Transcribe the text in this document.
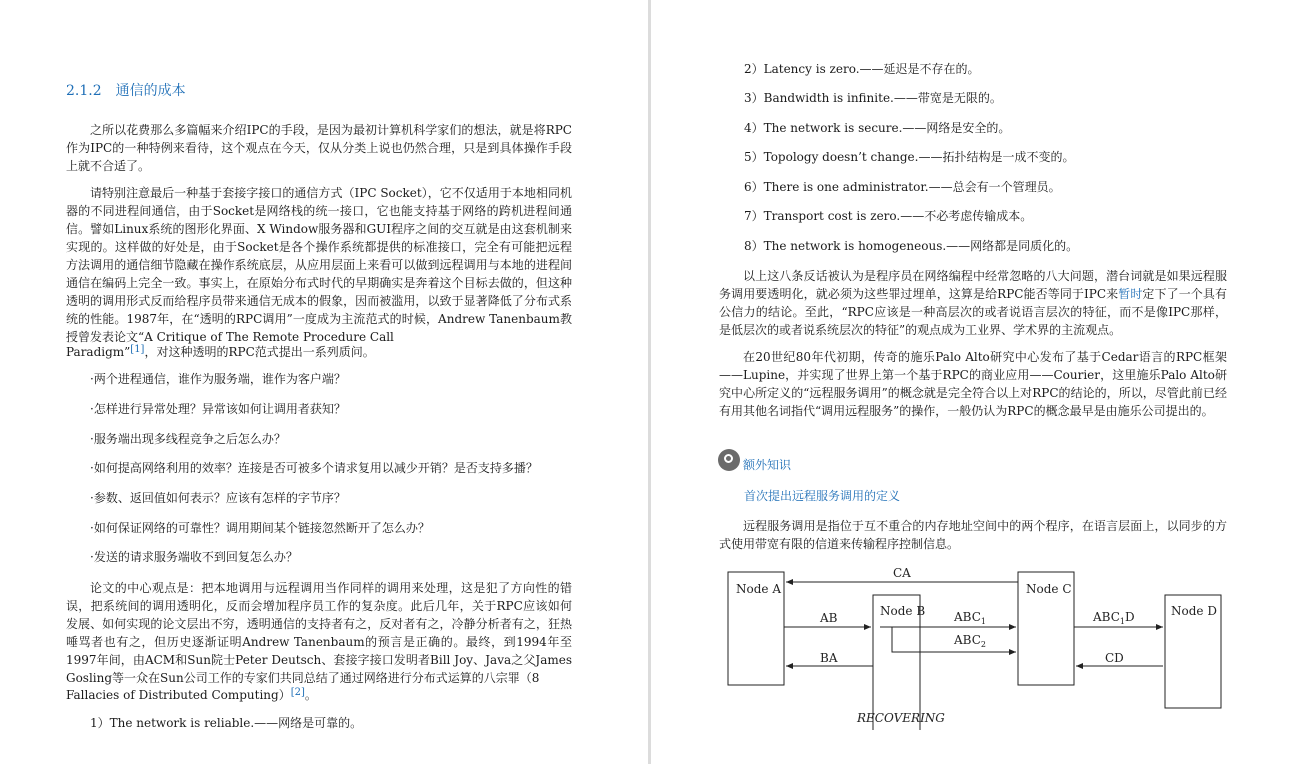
2.1.2 通信的成本

之所以花费那么多篇幅来介绍IPC的手段，是因为最初计算机科学家们的想法，就是将RPC作为IPC的一种特例来看待，这个观点在今天，仅从分类上说也仍然合理，只是到具体操作手段上就不合适了。

请特别注意最后一种基于套接字接口的通信方式（IPC Socket），它不仅适用于本地相同机器的不同进程间通信，由于Socket是网络栈的统一接口，它也能支持基于网络的跨机进程间通信。譬如Linux系统的图形化界面、X Window服务器和GUI程序之间的交互就是由这套机制来实现的。这样做的好处是，由于Socket是各个操作系统都提供的标准接口，完全有可能把远程方法调用的通信细节隐藏在操作系统底层，从应用层面上来看可以做到远程调用与本地的进程间通信在编码上完全一致。事实上，在原始分布式时代的早期确实是奔着这个目标去做的，但这种透明的调用形式反而给程序员带来通信无成本的假象，因而被滥用，以致于显著降低了分布式系统的性能。1987年，在“透明的RPC调用”一度成为主流范式的时候，Andrew Tanenbaum教授曾发表论文“A Critique of The Remote Procedure Call

Paradigm”[1]，对这种透明的RPC范式提出一系列质问。

·两个进程通信，谁作为服务端，谁作为客户端？

·怎样进行异常处理？异常该如何让调用者获知？

·服务端出现多线程竞争之后怎么办？

·如何提高网络利用的效率？连接是否可被多个请求复用以减少开销？是否支持多播？

·参数、返回值如何表示？应该有怎样的字节序？

·如何保证网络的可靠性？调用期间某个链接忽然断开了怎么办？

·发送的请求服务端收不到回复怎么办？

论文的中心观点是：把本地调用与远程调用当作同样的调用来处理，这是犯了方向性的错误，把系统间的调用透明化，反而会增加程序员工作的复杂度。此后几年，关于RPC应该如何发展、如何实现的论文层出不穷，透明通信的支持者有之，反对者有之，冷静分析者有之，狂热唾骂者也有之，但历史逐渐证明Andrew Tanenbaum的预言是正确的。最终，到1994年至1997年间，由ACM和Sun院士Peter Deutsch、套接字接口发明者Bill Joy、Java之父James Gosling等一众在Sun公司工作的专家们共同总结了通过网络进行分布式运算的八宗罪（8

Fallacies of Distributed Computing）[2]。

1）The network is reliable.——网络是可靠的。

2）Latency is zero.——延迟是不存在的。

3）Bandwidth is infinite.——带宽是无限的。

4）The network is secure.——网络是安全的。

5）Topology doesn’t change.——拓扑结构是一成不变的。

6）There is one administrator.——总会有一个管理员。

7）Transport cost is zero.——不必考虑传输成本。

8）The network is homogeneous.——网络都是同质化的。

以上这八条反话被认为是程序员在网络编程中经常忽略的八大问题，潜台词就是如果远程服务调用要透明化，就必须为这些罪过埋单，这算是给RPC能否等同于IPC来暂时定下了一个具有公信力的结论。至此，“RPC应该是一种高层次的或者说语言层次的特征，而不是像IPC那样，是低层次的或者说系统层次的特征”的观点成为工业界、学术界的主流观点。

在20世纪80年代初期，传奇的施乐Palo Alto研究中心发布了基于Cedar语言的RPC框架——Lupine，并实现了世界上第一个基于RPC的商业应用——Courier，这里施乐Palo Alto研究中心所定义的“远程服务调用”的概念就是完全符合以上对RPC的结论的，所以，尽管此前已经有用其他名词指代“调用远程服务”的操作，一般仍认为RPC的概念最早是由施乐公司提出的。

额外知识

首次提出远程服务调用的定义

远程服务调用是指位于互不重合的内存地址空间中的两个程序，在语言层面上，以同步的方式使用带宽有限的信道来传输程序控制信息。

Node A
Node B
Node C
Node D
CA
AB
BA
$ABC_1$
$ABC_2$
$ABC_1D$
CD
RECOVERING
